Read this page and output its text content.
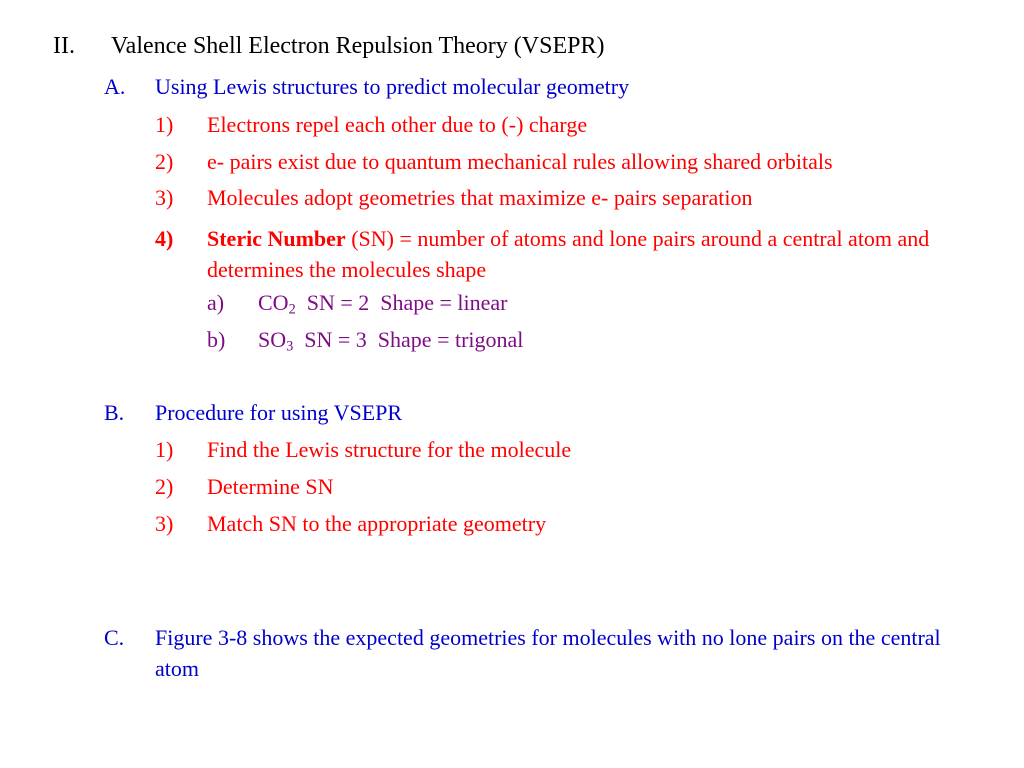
II. Valence Shell Electron Repulsion Theory (VSEPR)
A. Using Lewis structures to predict molecular geometry
1) Electrons repel each other due to (-) charge
2) e- pairs exist due to quantum mechanical rules allowing shared orbitals
3) Molecules adopt geometries that maximize e- pairs separation
4) Steric Number (SN) = number of atoms and lone pairs around a central atom and determines the molecules shape
a) $CO_2$  SN = 2  Shape = linear
b) $SO_3$  SN = 3  Shape = trigonal
B. Procedure for using VSEPR
1) Find the Lewis structure for the molecule
2) Determine SN
3) Match SN to the appropriate geometry
C. Figure 3-8 shows the expected geometries for molecules with no lone pairs on the central atom
